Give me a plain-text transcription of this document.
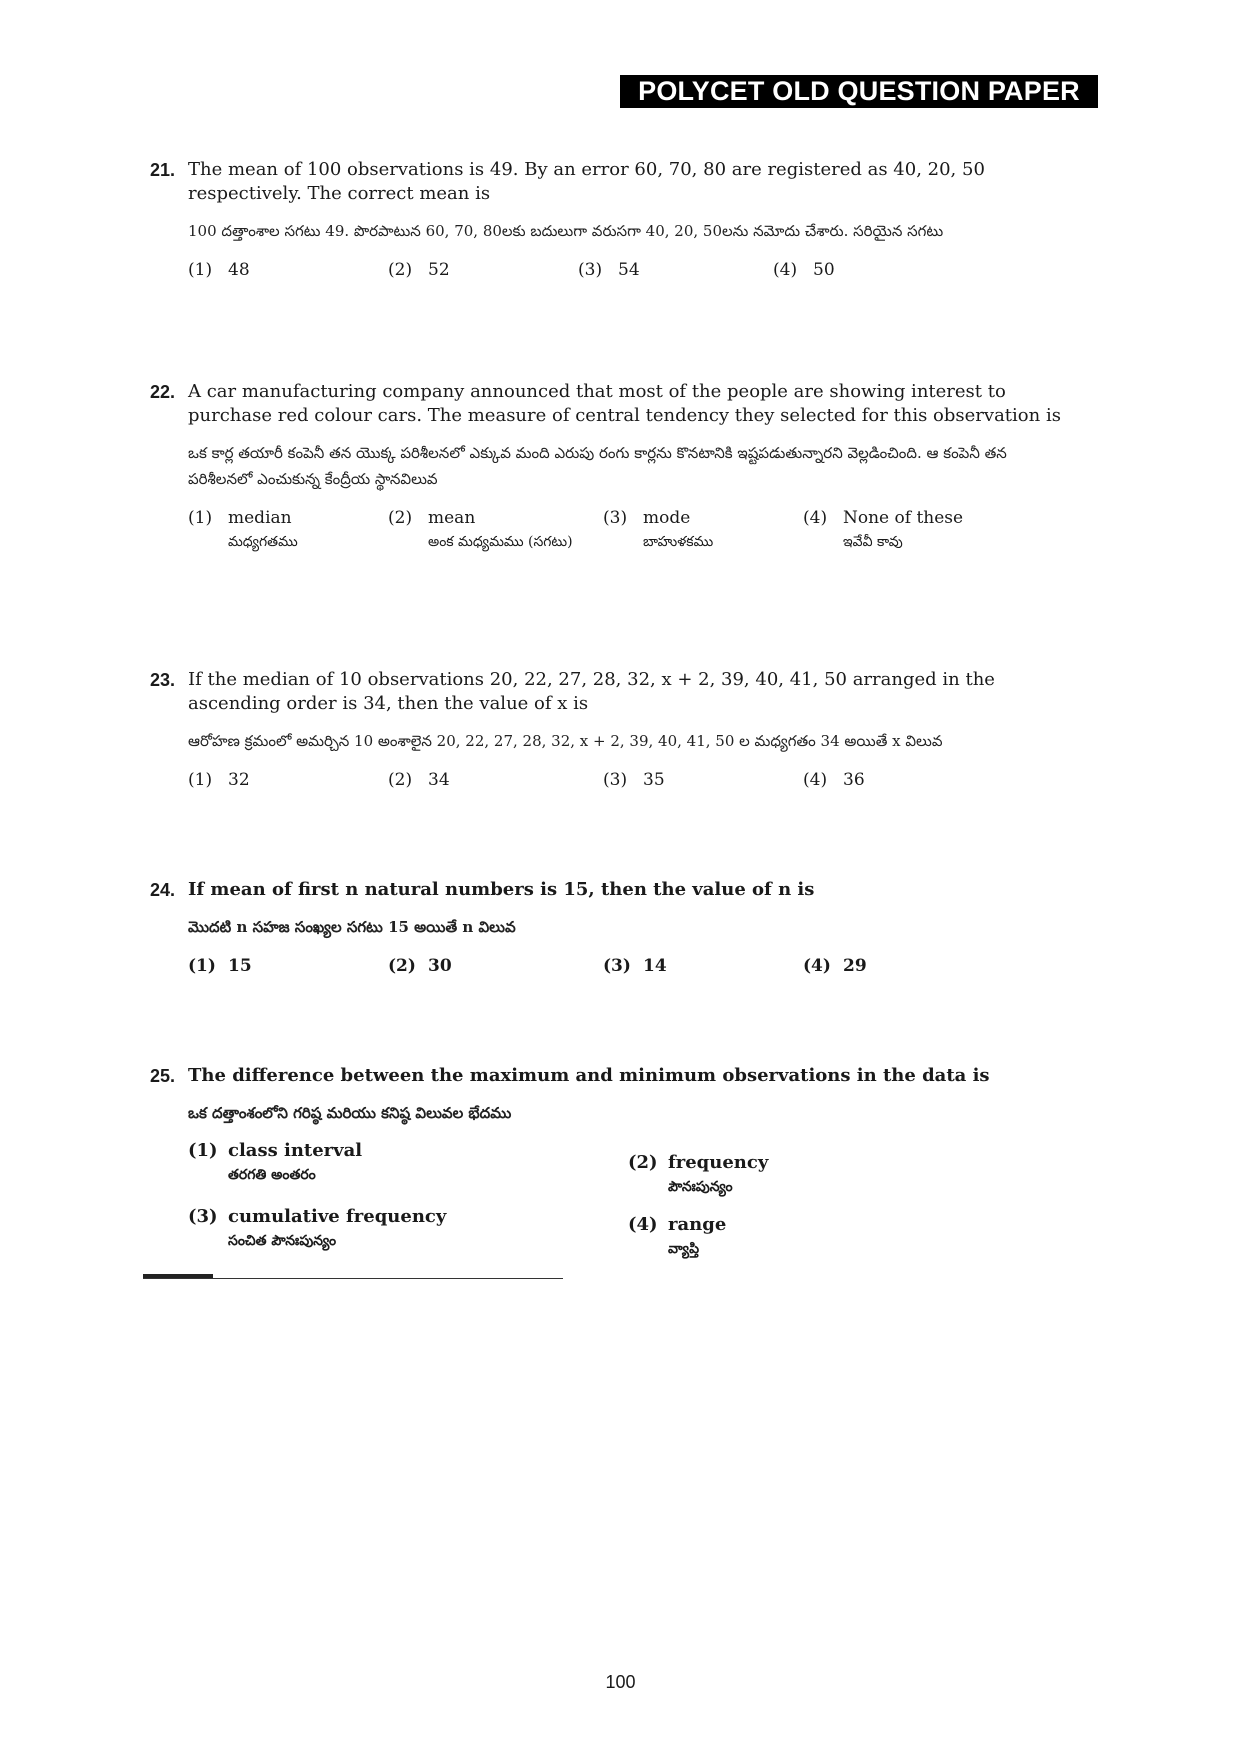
POLYCET OLD QUESTION PAPER
21. The mean of 100 observations is 49. By an error 60, 70, 80 are registered as 40, 20, 50 respectively. The correct mean is
100 దత్తాంశాల సగటు 49. పొరపాటున 60, 70, 80లకు బదులుగా వరుసగా 40, 20, 50లను నమోదు చేశారు. సరియైన సగటు
(1) 48	(2) 52	(3) 54	(4) 50
22. A car manufacturing company announced that most of the people are showing interest to purchase red colour cars. The measure of central tendency they selected for this observation is
ఒక కార్ల తయారీ కంపెనీ తన యొక్క పరిశీలనలో ఎక్కువ మంది ఎరుపు రంగు కార్లను కొనటానికి ఇష్టపడుతున్నారని వెల్లడించింది. ఆ కంపెనీ తన పరిశీలనలో ఎంచుకున్న కేంద్రీయ స్థానవిలువ
(1) median
మధ్యగతము
(2) mean
అంక మధ్యమము (సగటు)
(3) mode
బాహుళకము
(4) None of these
ఇవేవీ కావు
23. If the median of 10 observations 20, 22, 27, 28, 32, x + 2, 39, 40, 41, 50 arranged in the ascending order is 34, then the value of x is
ఆరోహణ క్రమంలో అమర్చిన 10 అంశాలైన 20, 22, 27, 28, 32, x + 2, 39, 40, 41, 50 ల మధ్యగతం 34 అయితే x విలువ
(1) 32	(2) 34	(3) 35	(4) 36
24. If mean of first n natural numbers is 15, then the value of n is
మొదటి n సహజ సంఖ్యల సగటు 15 అయితే n విలువ
(1) 15	(2) 30	(3) 14	(4) 29
25. The difference between the maximum and minimum observations in the data is
ఒక దత్తాంశంలోని గరిష్ఠ మరియు కనిష్ఠ విలువల భేదము
(1) class interval
తరగతి అంతరం
(2) frequency
పౌనఃపున్యం
(3) cumulative frequency
సంచిత పౌనఃపున్యం
(4) range
వ్యాప్తి
100
